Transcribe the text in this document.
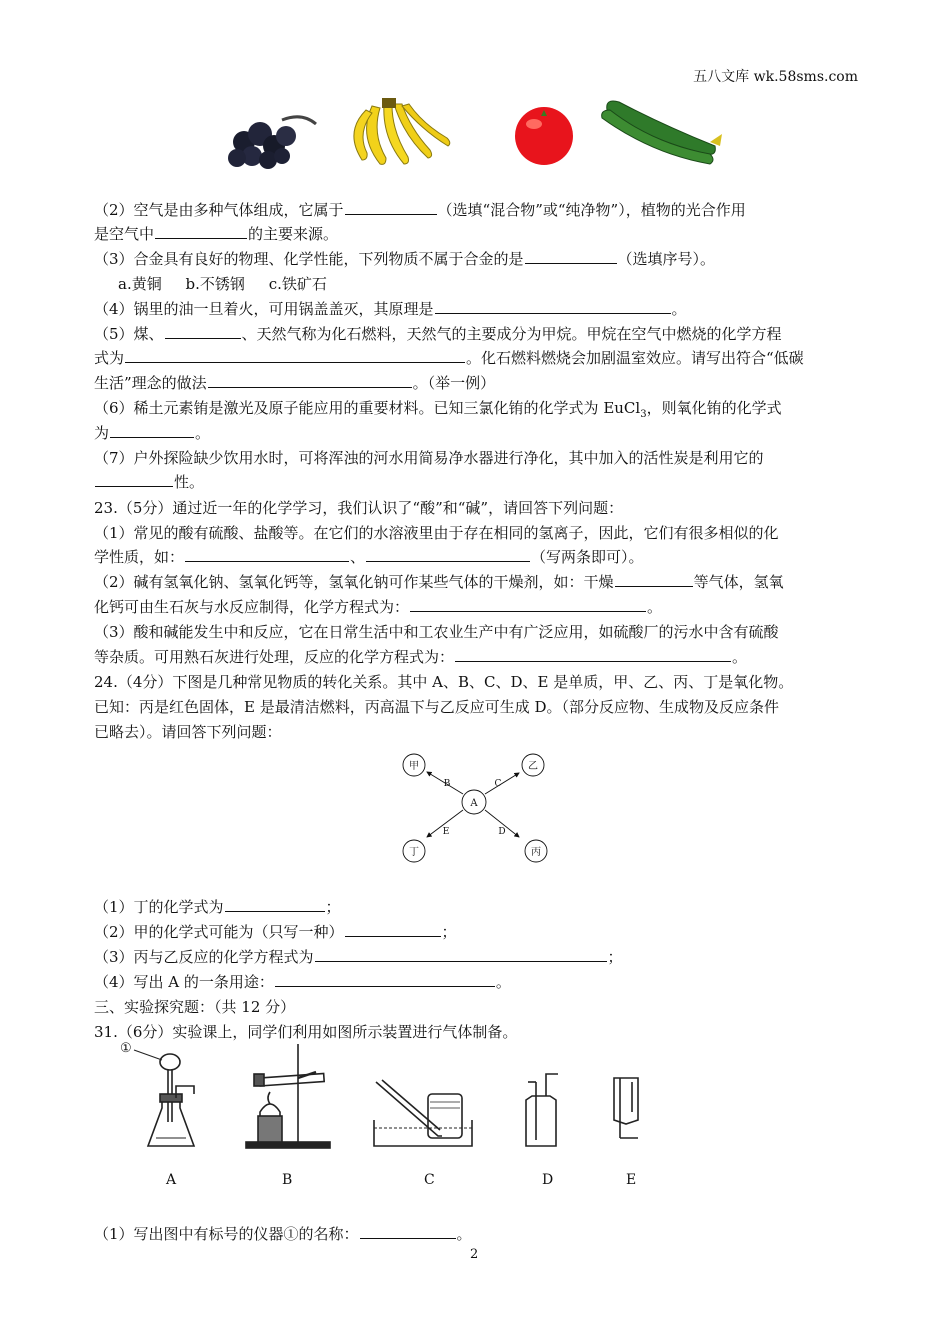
五八文库 wk.58sms.com
（2）空气是由多种气体组成，它属于	（选填“混合物”或“纯净物”），植物的光合作用
是空气中	的主要来源。
（3）合金具有良好的物理、化学性能，下列物质不属于合金的是	（选填序号）。
a.黄铜     b.不锈钢     c.铁矿石
（4）锅里的油一旦着火，可用锅盖盖灭，其原理是	。
（5）煤、	、天然气称为化石燃料，天然气的主要成分为甲烷。甲烷在空气中燃烧的化学方程
式为	。化石燃料燃烧会加剧温室效应。请写出符合“低碳
生活”理念的做法	。（举一例）
（6）稀土元素铕是激光及原子能应用的重要材料。已知三氯化铕的化学式为 EuCl$_3$，则氧化铕的化学式
为	。
（7）户外探险缺少饮用水时，可将浑浊的河水用简易净水器进行净化，其中加入的活性炭是利用它的
性。
23.（5分）通过近一年的化学学习，我们认识了“酸”和“碱”，请回答下列问题：
（1）常见的酸有硫酸、盐酸等。在它们的水溶液里由于存在相同的氢离子，因此，它们有很多相似的化
学性质，如：	、	（写两条即可）。
（2）碱有氢氧化钠、氢氧化钙等，氢氧化钠可作某些气体的干燥剂，如：干燥	等气体，氢氧
化钙可由生石灰与水反应制得，化学方程式为：	。
（3）酸和碱能发生中和反应，它在日常生活中和工农业生产中有广泛应用，如硫酸厂的污水中含有硫酸
等杂质。可用熟石灰进行处理，反应的化学方程式为：	。
24.（4分）下图是几种常见物质的转化关系。其中 A、B、C、D、E 是单质，甲、乙、丙、丁是氧化物。
已知：丙是红色固体，E 是最清洁燃料，丙高温下与乙反应可生成 D。（部分反应物、生成物及反应条件
已略去）。请回答下列问题：
A
甲	乙
丁	丙
B	C
E	D
（1）丁的化学式为	；
（2）甲的化学式可能为（只写一种）	；
（3）丙与乙反应的化学方程式为	；
（4）写出 A 的一条用途：	。
三、实验探究题：（共 12 分）
31.（6分）实验课上，同学们利用如图所示装置进行气体制备。
①
A	B	C	D	E
（1）写出图中有标号的仪器①的名称：	。
2
